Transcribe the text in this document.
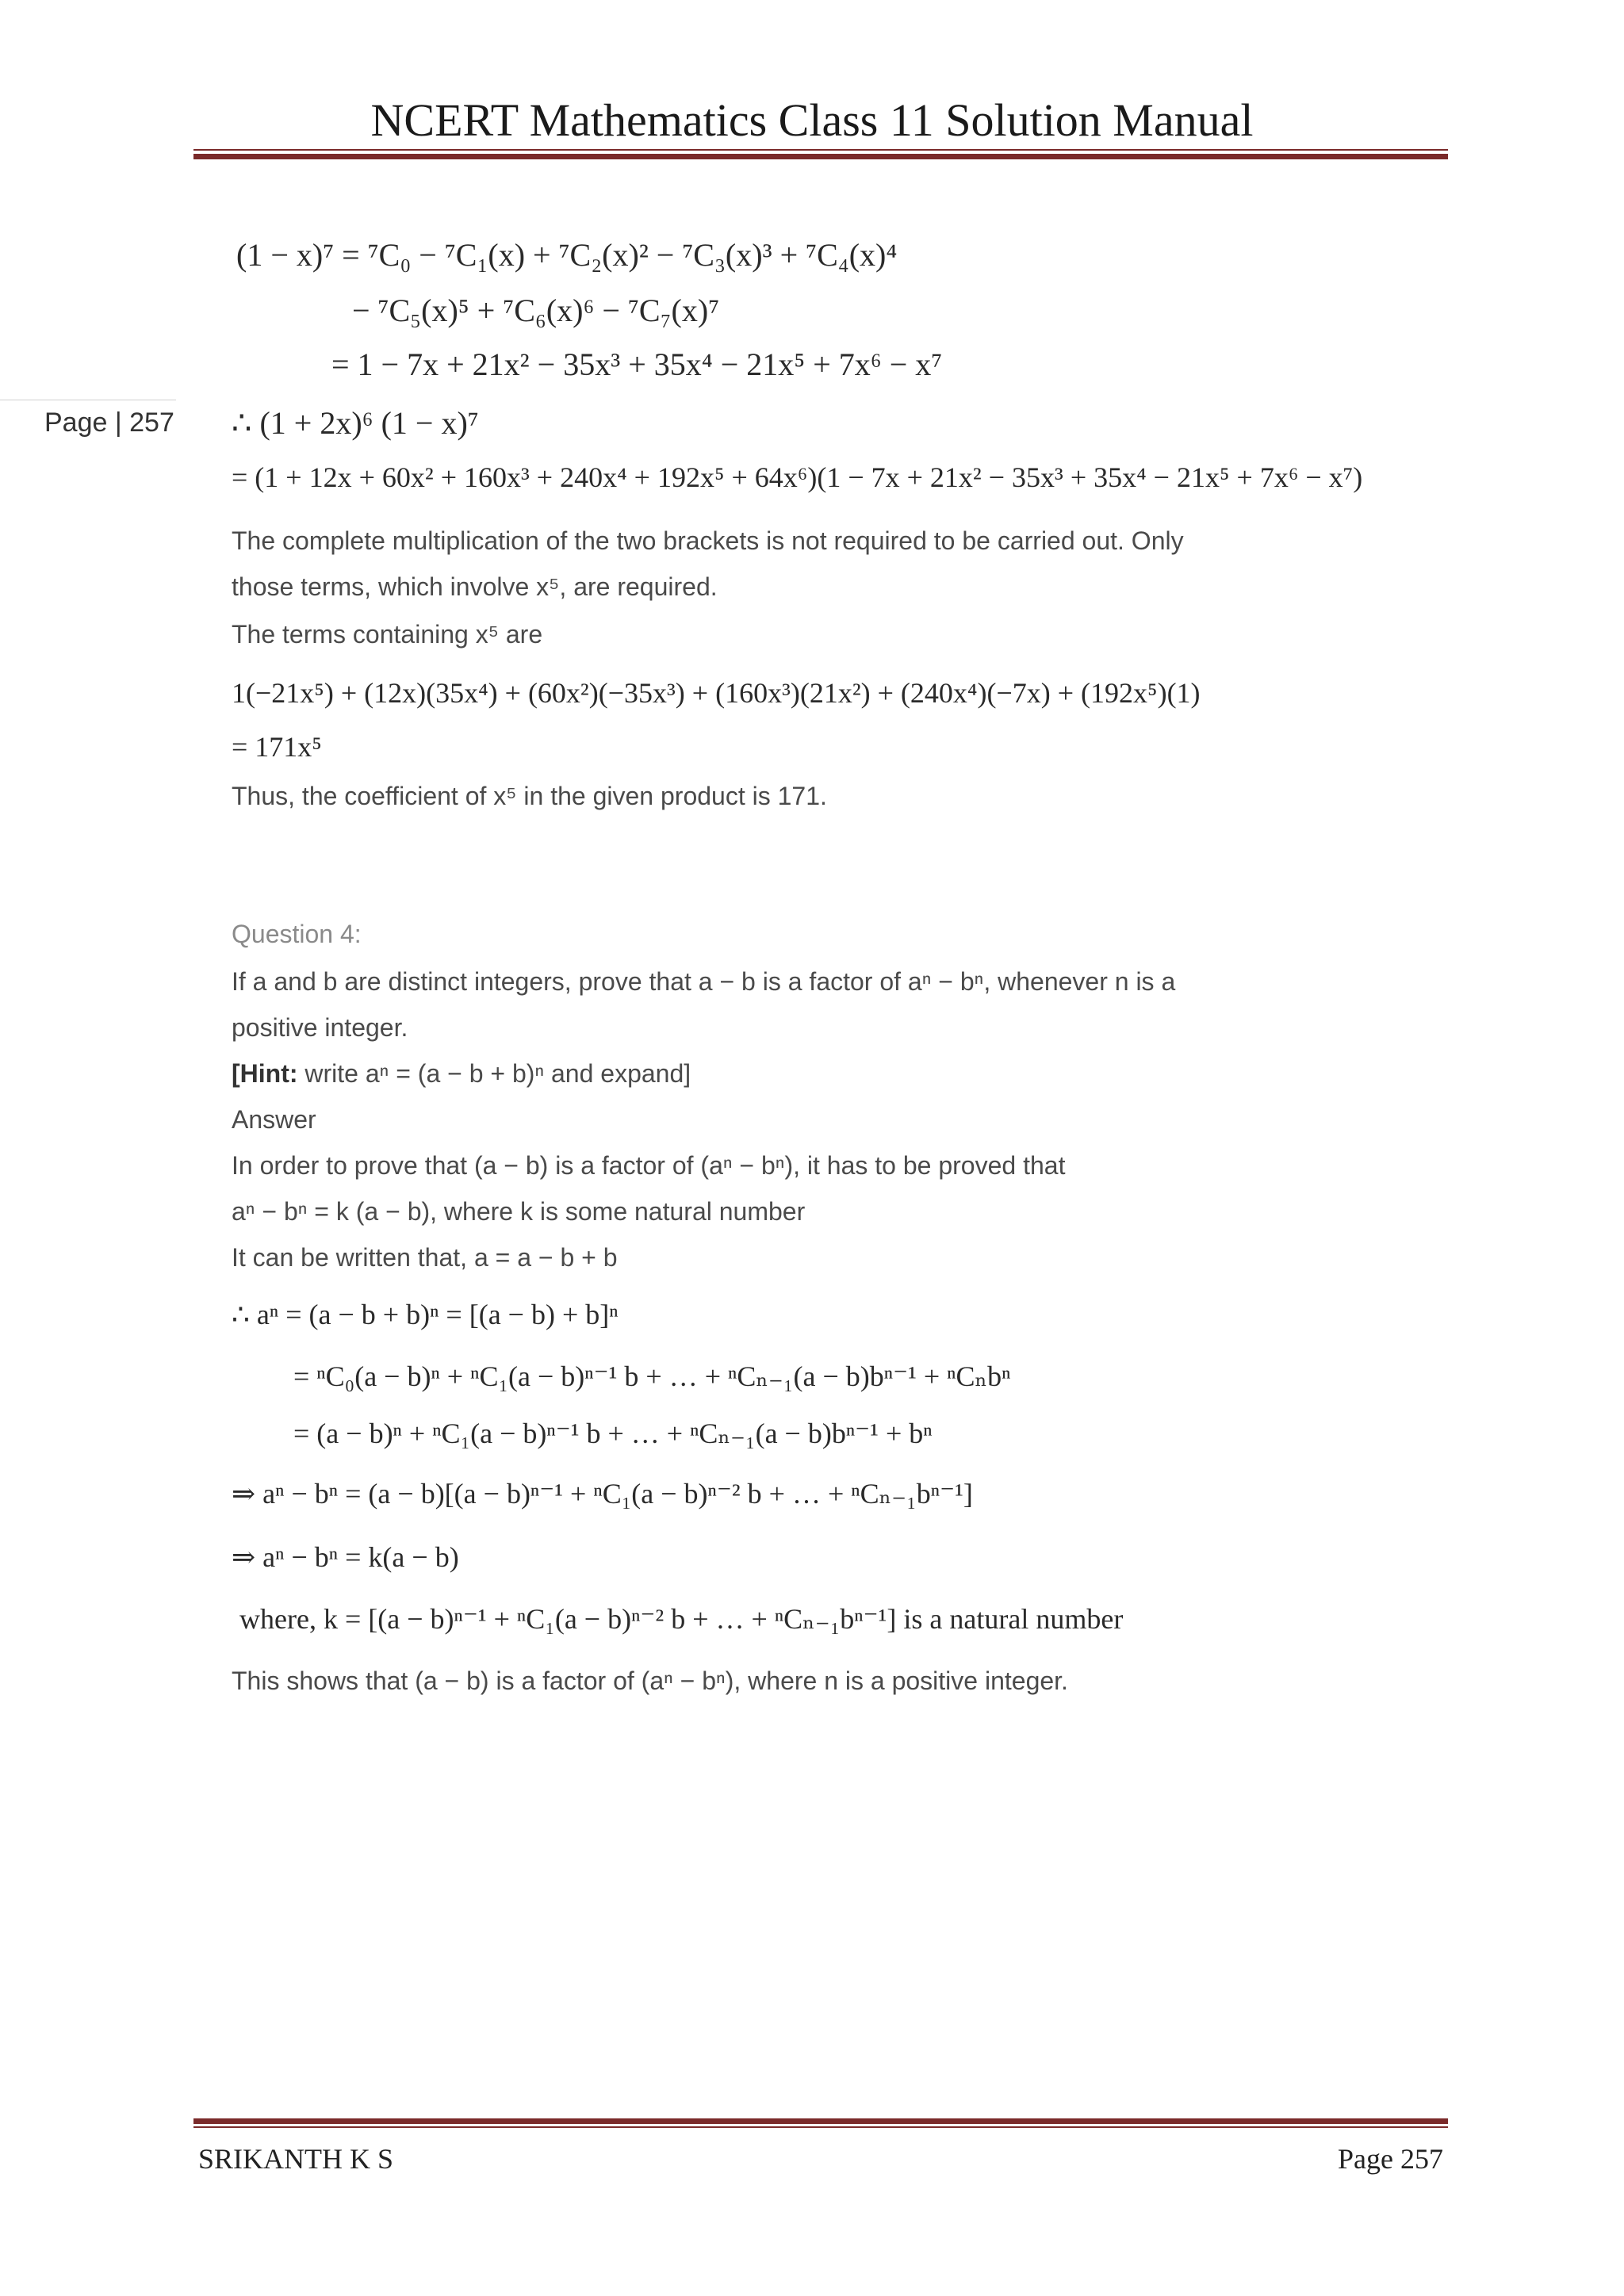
NCERT Mathematics Class 11 Solution Manual
Page | 257
(1 − x)⁷ = ⁷C₀ − ⁷C₁(x) + ⁷C₂(x)² − ⁷C₃(x)³ + ⁷C₄(x)⁴
− ⁷C₅(x)⁵ + ⁷C₆(x)⁶ − ⁷C₇(x)⁷
= 1 − 7x + 21x² − 35x³ + 35x⁴ − 21x⁵ + 7x⁶ − x⁷
∴ (1 + 2x)⁶ (1 − x)⁷
= (1 + 12x + 60x² + 160x³ + 240x⁴ + 192x⁵ + 64x⁶)(1 − 7x + 21x² − 35x³ + 35x⁴ − 21x⁵ + 7x⁶ − x⁷)
The complete multiplication of the two brackets is not required to be carried out. Only
those terms, which involve x⁵, are required.
The terms containing x⁵ are
1(−21x⁵) + (12x)(35x⁴) + (60x²)(−35x³) + (160x³)(21x²) + (240x⁴)(−7x) + (192x⁵)(1)
= 171x⁵
Thus, the coefficient of x⁵ in the given product is 171.
Question 4:
If a and b are distinct integers, prove that a − b is a factor of aⁿ − bⁿ, whenever n is a
positive integer.
[Hint: write aⁿ = (a − b + b)ⁿ and expand]
Answer
In order to prove that (a − b) is a factor of (aⁿ − bⁿ), it has to be proved that
aⁿ − bⁿ = k (a − b), where k is some natural number
It can be written that, a = a − b + b
∴ aⁿ = (a − b + b)ⁿ = [(a − b) + b]ⁿ
= ⁿC₀(a − b)ⁿ + ⁿC₁(a − b)ⁿ⁻¹ b + … + ⁿCₙ₋₁(a − b)bⁿ⁻¹ + ⁿCₙbⁿ
= (a − b)ⁿ + ⁿC₁(a − b)ⁿ⁻¹ b + … + ⁿCₙ₋₁(a − b)bⁿ⁻¹ + bⁿ
⇒ aⁿ − bⁿ = (a − b)[(a − b)ⁿ⁻¹ + ⁿC₁(a − b)ⁿ⁻² b + … + ⁿCₙ₋₁bⁿ⁻¹]
⇒ aⁿ − bⁿ = k(a − b)
where, k = [(a − b)ⁿ⁻¹ + ⁿC₁(a − b)ⁿ⁻² b + … + ⁿCₙ₋₁bⁿ⁻¹] is a natural number
This shows that (a − b) is a factor of (aⁿ − bⁿ), where n is a positive integer.
SRIKANTH K S	Page 257
